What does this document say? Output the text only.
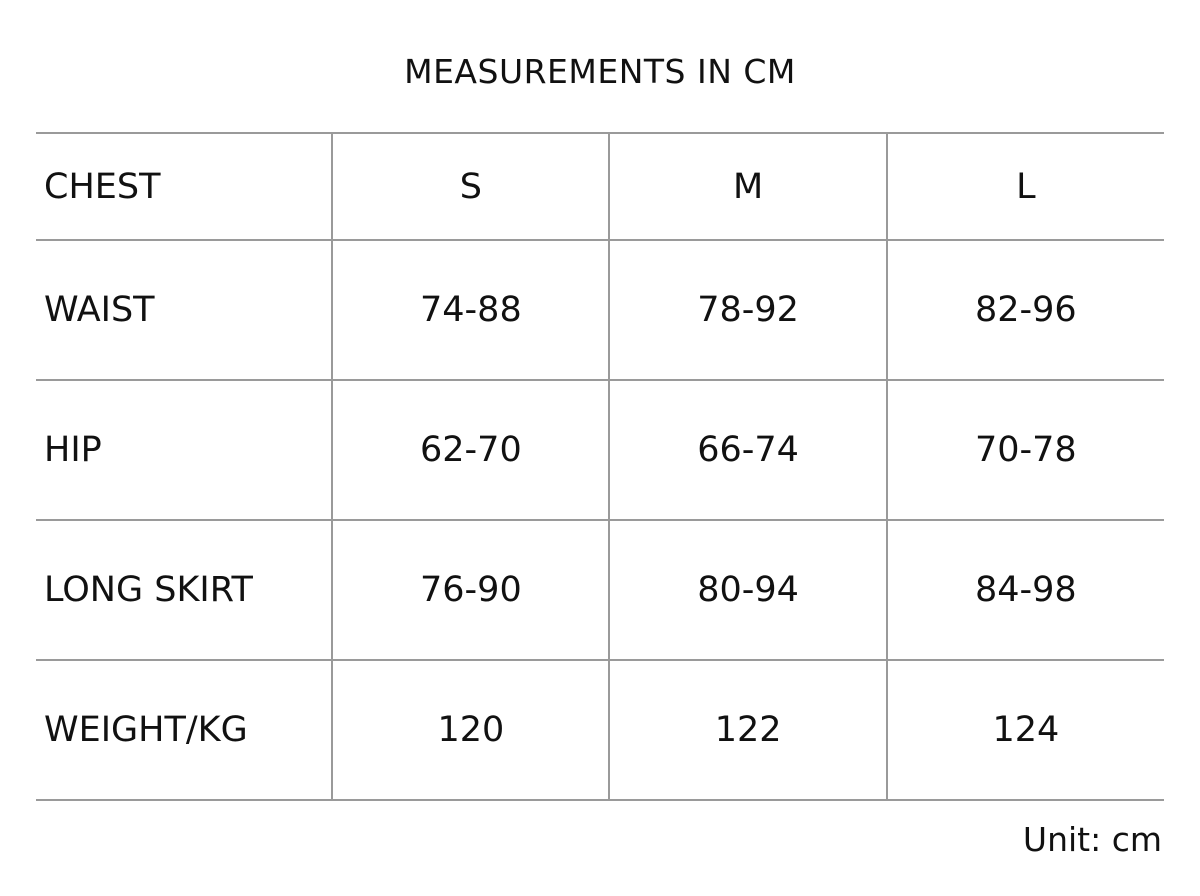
MEASUREMENTS IN CM
CHEST	S	M	L
WAIST	74-88	78-92	82-96
HIP	62-70	66-74	70-78
LONG SKIRT	76-90	80-94	84-98
WEIGHT/KG	120	122	124
Unit: cm
